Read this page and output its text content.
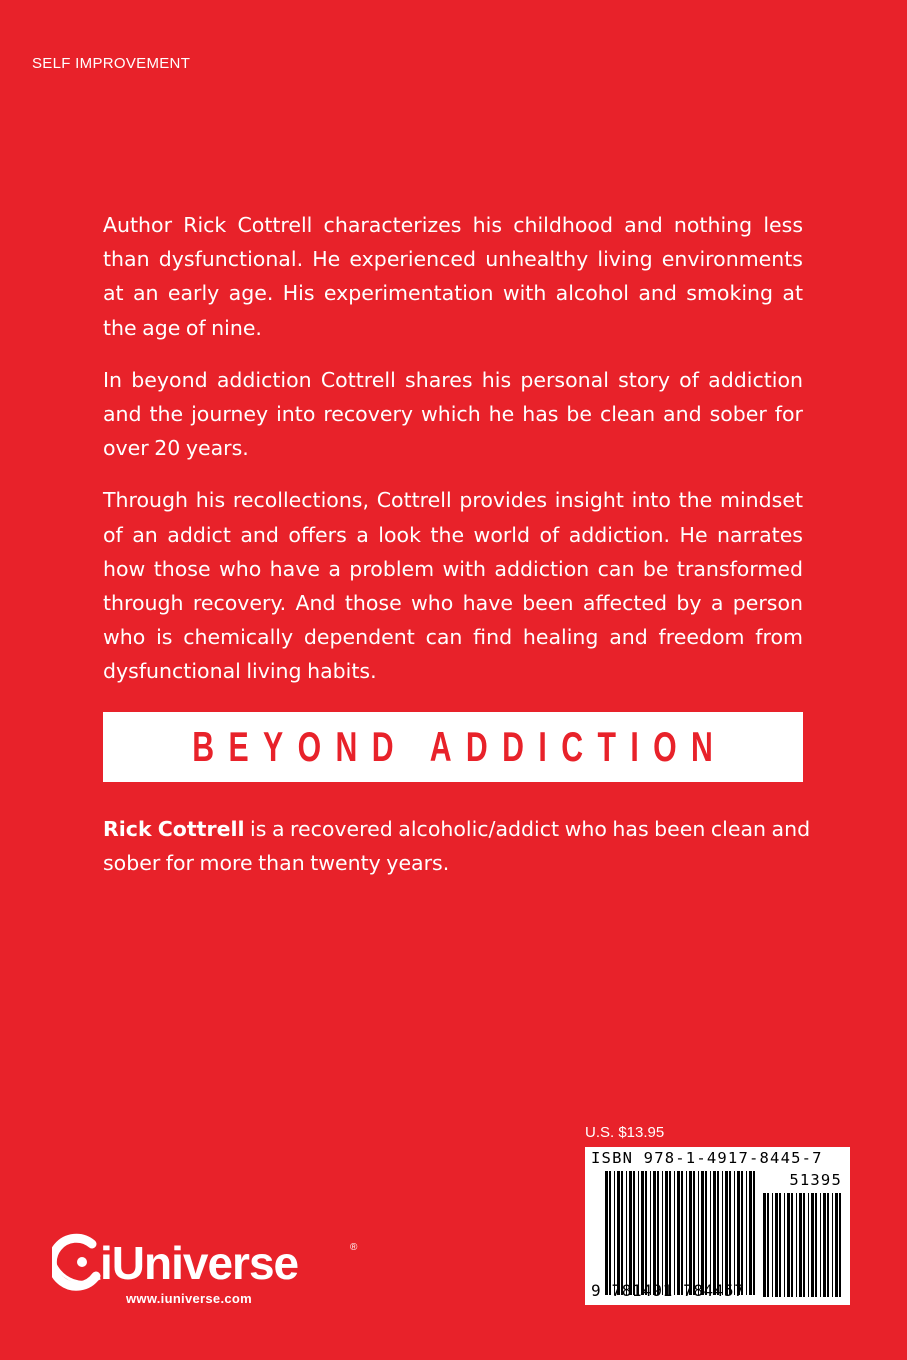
SELF IMPROVEMENT

Author Rick Cottrell characterizes his childhood and nothing less than dysfunctional. He experienced unhealthy living environments at an early age. His experimentation with alcohol and smoking at the age of nine.

In beyond addiction Cottrell shares his personal story of addiction and the journey into recovery which he has be clean and sober for over 20 years.

Through his recollections, Cottrell provides insight into the mindset of an addict and offers a look the world of addiction. He narrates how those who have a problem with addiction can be transformed through recovery. And those who have been affected by a person who is chemically dependent can find healing and freedom from dysfunctional living habits.

BEYOND ADDICTION
Rick Cottrell is a recovered alcoholic/addict who has been clean and sober for more than twenty years.
U.S. $13.95
ISBN 978-1-4917-8445-7
51395
9 781491 784457
iUniverse	®
www.iuniverse.com
